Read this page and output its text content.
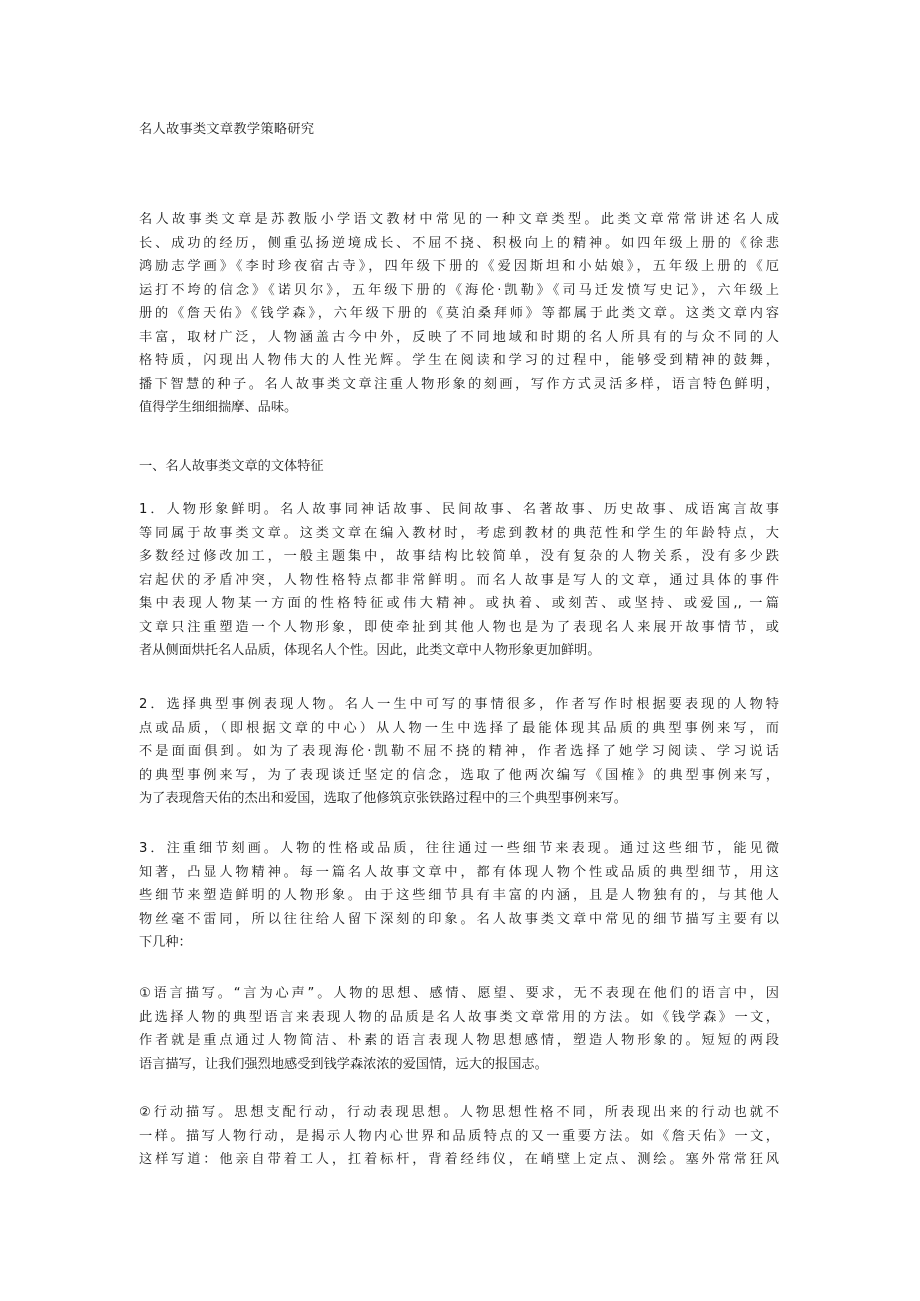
名人故事类文章教学策略研究
名人故事类文章是苏教版小学语文教材中常见的一种文章类型。此类文章常常讲述名人成
长、成功的经历，侧重弘扬逆境成长、不屈不挠、积极向上的精神。如四年级上册的《徐悲
鸿励志学画》《李时珍夜宿古寺》，四年级下册的《爱因斯坦和小姑娘》，五年级上册的《厄
运打不垮的信念》《诺贝尔》，五年级下册的《海伦·凯勒》《司马迁发愤写史记》，六年级上
册的《詹天佑》《钱学森》，六年级下册的《莫泊桑拜师》等都属于此类文章。这类文章内容
丰富，取材广泛，人物涵盖古今中外，反映了不同地域和时期的名人所具有的与众不同的人
格特质，闪现出人物伟大的人性光辉。学生在阅读和学习的过程中，能够受到精神的鼓舞，
播下智慧的种子。名人故事类文章注重人物形象的刻画，写作方式灵活多样，语言特色鲜明，
值得学生细细揣摩、品味。
一、名人故事类文章的文体特征
1．人物形象鲜明。名人故事同神话故事、民间故事、名著故事、历史故事、成语寓言故事
等同属于故事类文章。这类文章在编入教材时，考虑到教材的典范性和学生的年龄特点，大
多数经过修改加工，一般主题集中，故事结构比较简单，没有复杂的人物关系，没有多少跌
宕起伏的矛盾冲突，人物性格特点都非常鲜明。而名人故事是写人的文章，通过具体的事件
集中表现人物某一方面的性格特征或伟大精神。或执着、或刻苦、或坚持、或爱国,, 一篇
文章只注重塑造一个人物形象，即使牵扯到其他人物也是为了表现名人来展开故事情节，或
者从侧面烘托名人品质，体现名人个性。因此，此类文章中人物形象更加鲜明。
2．选择典型事例表现人物。名人一生中可写的事情很多，作者写作时根据要表现的人物特
点或品质，（即根据文章的中心）从人物一生中选择了最能体现其品质的典型事例来写，而
不是面面俱到。如为了表现海伦·凯勒不屈不挠的精神，作者选择了她学习阅读、学习说话
的典型事例来写，为了表现谈迁坚定的信念，选取了他两次编写《国榷》的典型事例来写，
为了表现詹天佑的杰出和爱国，选取了他修筑京张铁路过程中的三个典型事例来写。
3．注重细节刻画。人物的性格或品质，往往通过一些细节来表现。通过这些细节，能见微
知著，凸显人物精神。每一篇名人故事文章中，都有体现人物个性或品质的典型细节，用这
些细节来塑造鲜明的人物形象。由于这些细节具有丰富的内涵，且是人物独有的，与其他人
物丝毫不雷同，所以往往给人留下深刻的印象。名人故事类文章中常见的细节描写主要有以
下几种：
①语言描写。“言为心声”。人物的思想、感情、愿望、要求，无不表现在他们的语言中，因
此选择人物的典型语言来表现人物的品质是名人故事类文章常用的方法。如《钱学森》一文，
作者就是重点通过人物简洁、朴素的语言表现人物思想感情，塑造人物形象的。短短的两段
语言描写，让我们强烈地感受到钱学森浓浓的爱国情，远大的报国志。
②行动描写。思想支配行动，行动表现思想。人物思想性格不同，所表现出来的行动也就不
一样。描写人物行动，是揭示人物内心世界和品质特点的又一重要方法。如《詹天佑》一文，
这样写道：他亲自带着工人，扛着标杆，背着经纬仪，在峭壁上定点、测绘。塞外常常狂风
